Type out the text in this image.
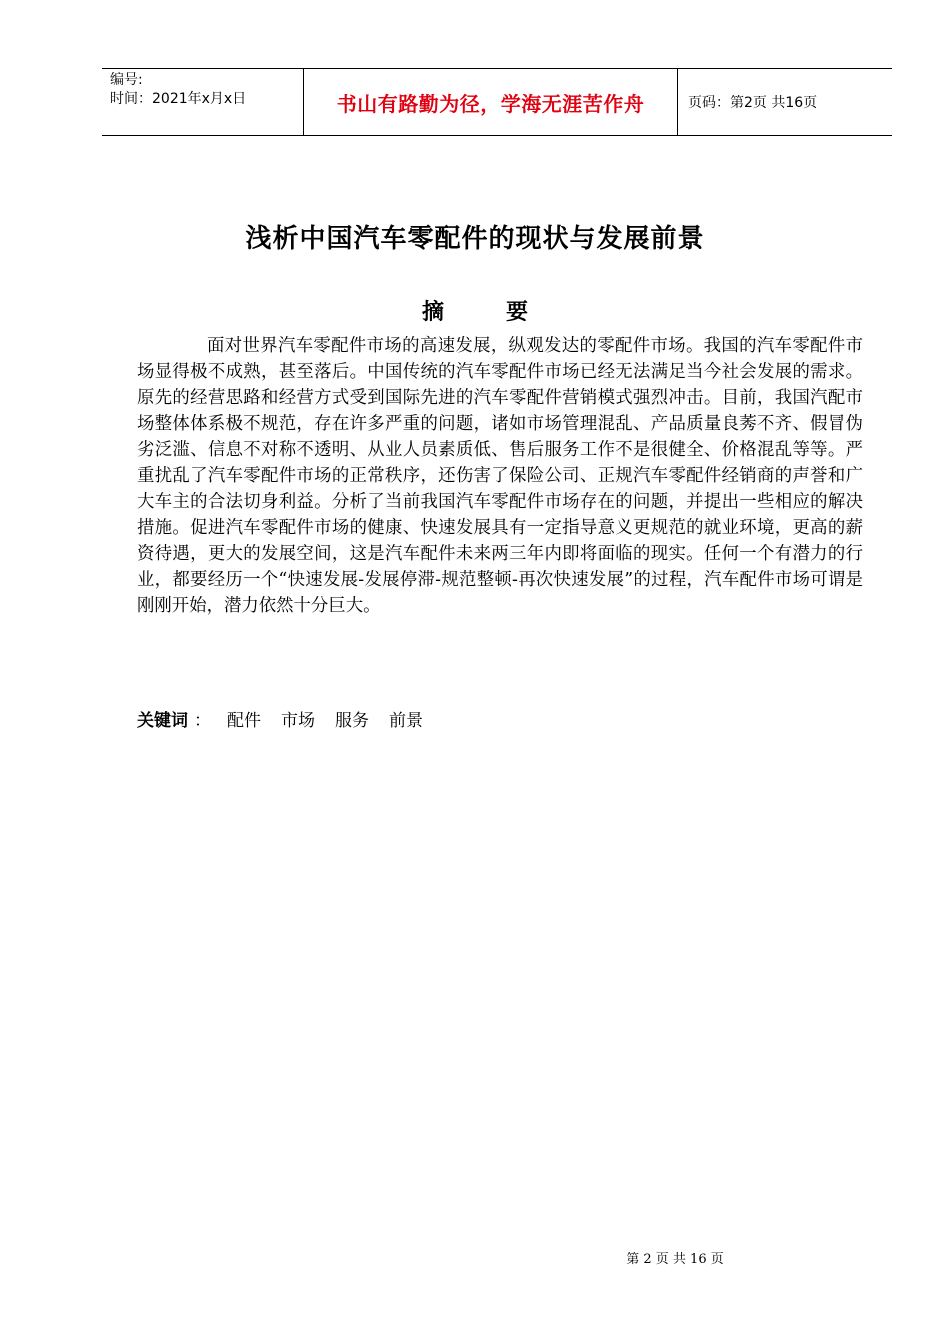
编号:
时间：2021年x月x日	书山有路勤为径，学海无涯苦作舟	页码：第2页 共16页
浅析中国汽车零配件的现状与发展前景
摘	要

面对世界汽车零配件市场的高速发展，纵观发达的零配件市场。我国的汽车零配件市场显得极不成熟，甚至落后。中国传统的汽车零配件市场已经无法满足当今社会发展的需求。原先的经营思路和经营方式受到国际先进的汽车零配件营销模式强烈冲击。目前，我国汽配市场整体体系极不规范，存在许多严重的问题，诸如市场管理混乱、产品质量良莠不齐、假冒伪劣泛滥、信息不对称不透明、从业人员素质低、售后服务工作不是很健全、价格混乱等等。严重扰乱了汽车零配件市场的正常秩序，还伤害了保险公司、正规汽车零配件经销商的声誉和广大车主的合法切身利益。分析了当前我国汽车零配件市场存在的问题，并提出一些相应的解决措施。促进汽车零配件市场的健康、快速发展具有一定指导意义更规范的就业环境，更高的薪资待遇，更大的发展空间，这是汽车配件未来两三年内即将面临的现实。任何一个有潜力的行业，都要经历一个“快速发展-发展停滞-规范整顿-再次快速发展”的过程，汽车配件市场可谓是刚刚开始，潜力依然十分巨大。

关键词 ： 配件 市场 服务 前景
第 2 页 共 16 页
